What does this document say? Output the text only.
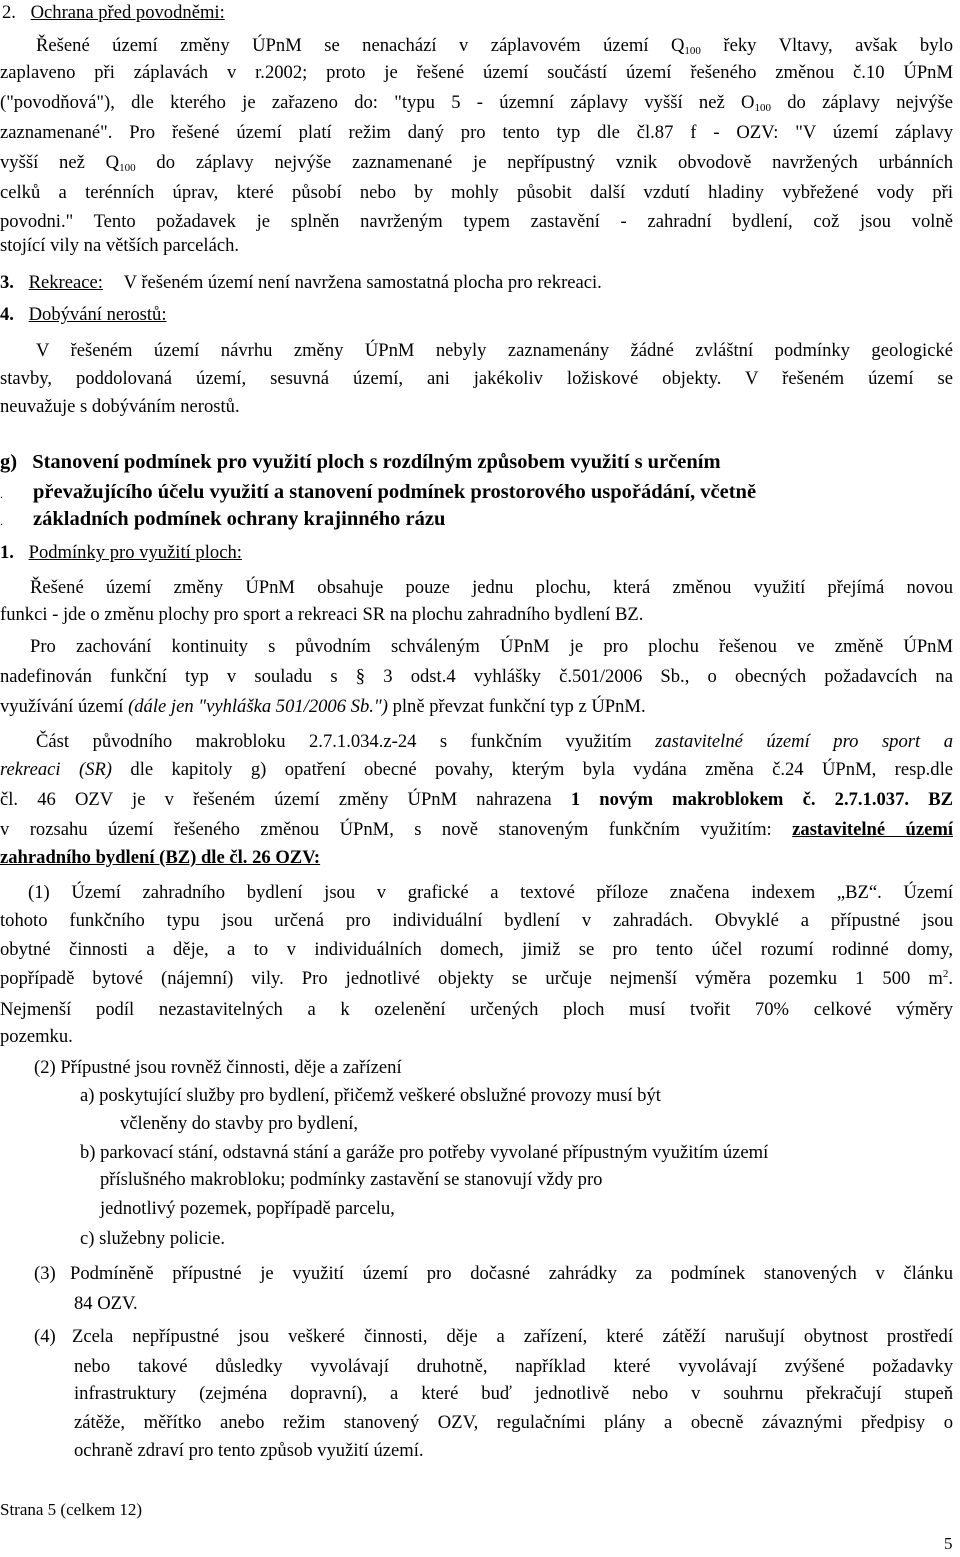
2. Ochrana před povodněmi:
Řešené území změny ÚPnM se nenachází v záplavovém území $Q_{100}$ řeky Vltavy, avšak bylo
zaplaveno při záplavách v r.2002; proto je řešené území součástí území řešeného změnou č.10 ÚPnM
("povodňová"), dle kterého je zařazeno do: "typu 5 - územní záplavy vyšší než $O_{100}$ do záplavy nejvýše
zaznamenané". Pro řešené území platí režim daný pro tento typ dle čl.87 f - OZV: "V území záplavy
vyšší než $Q_{100}$ do záplavy nejvýše zaznamenané je nepřípustný vznik obvodově navržených urbánních
celků a terénních úprav, které působí nebo by mohly působit další vzdutí hladiny vybřežené vody při
povodni." Tento požadavek je splněn navrženým typem zastavění - zahradní bydlení, což jsou volně
stojící vily na větších parcelách.
3. Rekreace: V řešeném území není navržena samostatná plocha pro rekreaci.
4. Dobývání nerostů:
V řešeném území návrhu změny ÚPnM nebyly zaznamenány žádné zvláštní podmínky geologické
stavby, poddolovaná území, sesuvná území, ani jakékoliv ložiskové objekty. V řešeném území se
neuvažuje s dobýváním nerostů.
g) Stanovení podmínek pro využití ploch s rozdílným způsobem využití s určením
. převažujícího účelu využití a stanovení podmínek prostorového uspořádání, včetně
. základních podmínek ochrany krajinného rázu
1. Podmínky pro využití ploch:
Řešené území změny ÚPnM obsahuje pouze jednu plochu, která změnou využití přejímá novou
funkci - jde o změnu plochy pro sport a rekreaci SR na plochu zahradního bydlení BZ.
Pro zachování kontinuity s původním schváleným ÚPnM je pro plochu řešenou ve změně ÚPnM
nadefinován funkční typ v souladu s § 3 odst.4 vyhlášky č.501/2006 Sb., o obecných požadavcích na
využívání území (dále jen "vyhláška 501/2006 Sb.") plně převzat funkční typ z ÚPnM.
Část původního makrobloku 2.7.1.034.z-24 s funkčním využitím zastavitelné území pro sport a
rekreaci (SR) dle kapitoly g) opatření obecné povahy, kterým byla vydána změna č.24 ÚPnM, resp.dle
čl. 46 OZV je v řešeném území změny ÚPnM nahrazena 1 novým makroblokem č. 2.7.1.037. BZ
v rozsahu území řešeného změnou ÚPnM, s nově stanoveným funkčním využitím: zastavitelné území
zahradního bydlení (BZ) dle čl. 26 OZV:
(1) Území zahradního bydlení jsou v grafické a textové příloze značena indexem „BZ“. Území
tohoto funkčního typu jsou určená pro individuální bydlení v zahradách. Obvyklé a přípustné jsou
obytné činnosti a děje, a to v individuálních domech, jimiž se pro tento účel rozumí rodinné domy,
popřípadě bytové (nájemní) vily. Pro jednotlivé objekty se určuje nejmenší výměra pozemku 1 500 $m^2$.
Nejmenší podíl nezastavitelných a k ozelenění určených ploch musí tvořit 70% celkové výměry
pozemku.
(2) Přípustné jsou rovněž činnosti, děje a zařízení
a) poskytující služby pro bydlení, přičemž veškeré obslužné provozy musí být
včleněny do stavby pro bydlení,
b) parkovací stání, odstavná stání a garáže pro potřeby vyvolané přípustným využitím území
příslušného makrobloku; podmínky zastavění se stanovují vždy pro
jednotlivý pozemek, popřípadě parcelu,
c) služebny policie.
(3) Podmíněně přípustné je využití území pro dočasné zahrádky za podmínek stanovených v článku
84 OZV.
(4) Zcela nepřípustné jsou veškeré činnosti, děje a zařízení, které zátěží narušují obytnost prostředí
nebo takové důsledky vyvolávají druhotně, například které vyvolávají zvýšené požadavky
infrastruktury (zejména dopravní), a které buď jednotlivě nebo v souhrnu překračují stupeň
zátěže, měřítko anebo režim stanovený OZV, regulačními plány a obecně závaznými předpisy o
ochraně zdraví pro tento způsob využití území.
Strana 5 (celkem 12)
5
